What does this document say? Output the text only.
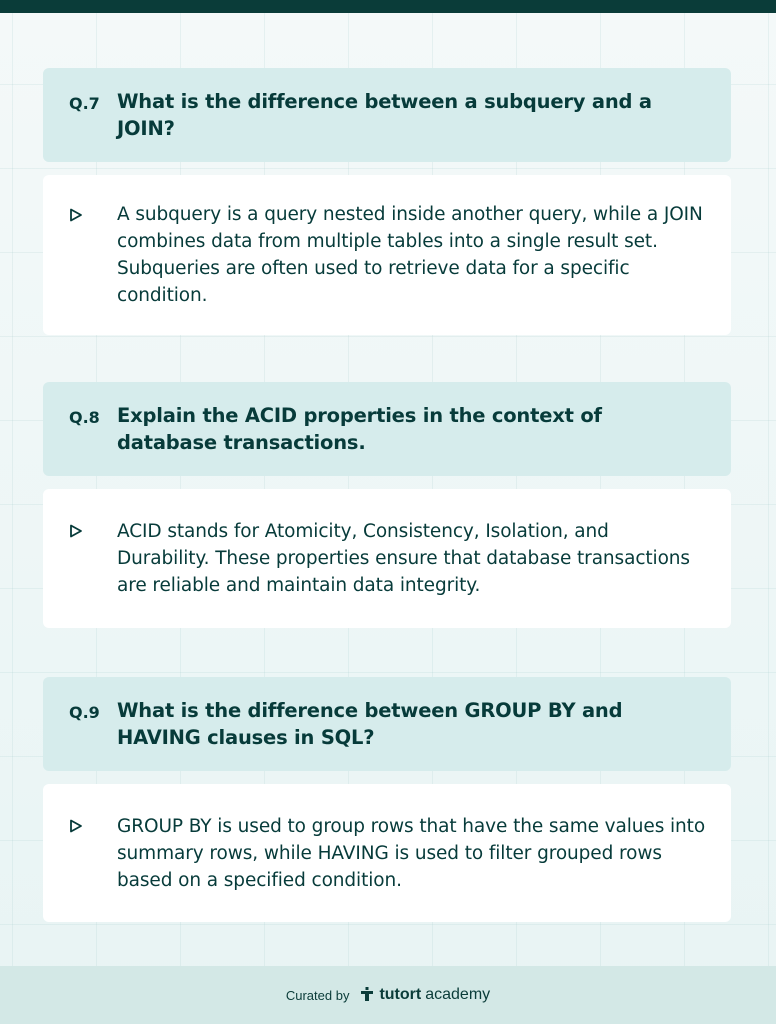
Q.7 What is the difference between a subquery and a JOIN?
A subquery is a query nested inside another query, while a JOIN combines data from multiple tables into a single result set. Subqueries are often used to retrieve data for a specific condition.
Q.8 Explain the ACID properties in the context of database transactions.
ACID stands for Atomicity, Consistency, Isolation, and Durability. These properties ensure that database transactions are reliable and maintain data integrity.
Q.9 What is the difference between GROUP BY and HAVING clauses in SQL?
GROUP BY is used to group rows that have the same values into summary rows, while HAVING is used to filter grouped rows based on a specified condition.
Curated by tutort academy
